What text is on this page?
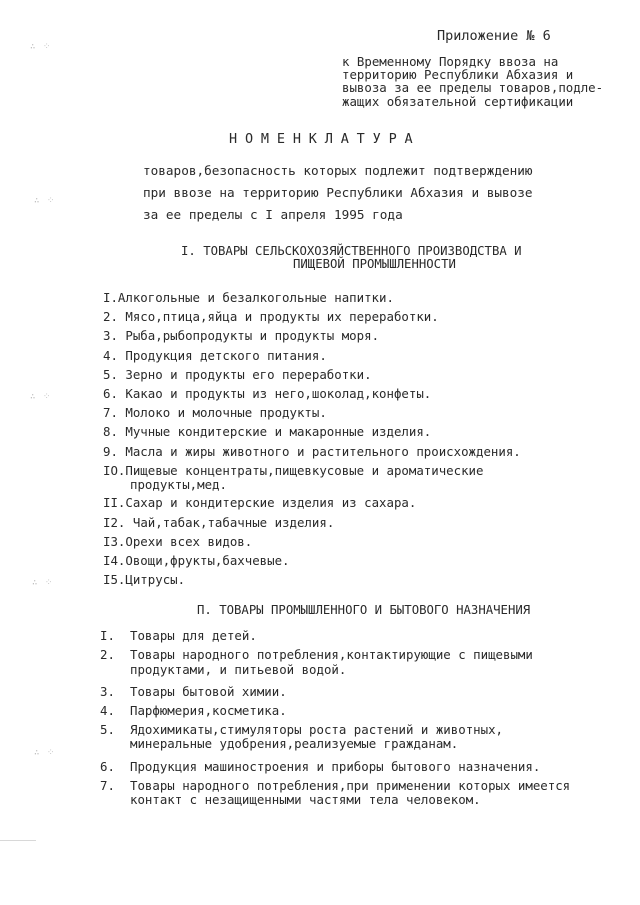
∴ ⁘
∴ ⁘
∴ ⁘
∴ ⁘
∴ ⁘
Приложение № 6
к Временному Порядку ввоза на
территорию Республики Абхазия и
вывоза за ее пределы товаров,подле-
жащих обязательной сертификации
НОМЕНКЛАТУРА
товаров,безопасность которых подлежит подтверждению
при ввозе на территорию Республики Абхазия и вывозе
за ее пределы с I апреля 1995 года
I. ТОВАРЫ СЕЛЬСКОХОЗЯЙСТВЕННОГО ПРОИЗВОДСТВА И
ПИЩЕВОЙ ПРОМЫШЛЕННОСТИ
I.Алкогольные и безалкогольные напитки.
2. Мясо,птица,яйца и продукты их переработки.
3. Рыба,рыбопродукты и продукты моря.
4. Продукция детского питания.
5. Зерно и продукты его переработки.
6. Какао и продукты из него,шоколад,конфеты.
7. Молоко и молочные продукты.
8. Мучные кондитерские и макаронные изделия.
9. Масла и жиры животного и растительного происхождения.
IO.Пищевые концентраты,пищевкусовые и ароматические
продукты,мед.
II.Сахар и кондитерские изделия из сахара.
I2. Чай,табак,табачные изделия.
I3.Орехи всех видов.
I4.Овощи,фрукты,бахчевые.
I5.Цитрусы.
П. ТОВАРЫ ПРОМЫШЛЕННОГО И БЫТОВОГО НАЗНАЧЕНИЯ
I.	Товары для детей.
2.	Товары народного потребления,контактирующие с пищевыми
продуктами, и питьевой водой.
3.	Товары бытовой химии.
4.	Парфюмерия,косметика.
5.	Ядохимикаты,стимуляторы роста растений и животных,
минеральные удобрения,реализуемые гражданам.
6.	Продукция машиностроения и приборы бытового назначения.
7.	Товары народного потребления,при применении которых имеется
контакт с незащищенными частями тела человеком.
